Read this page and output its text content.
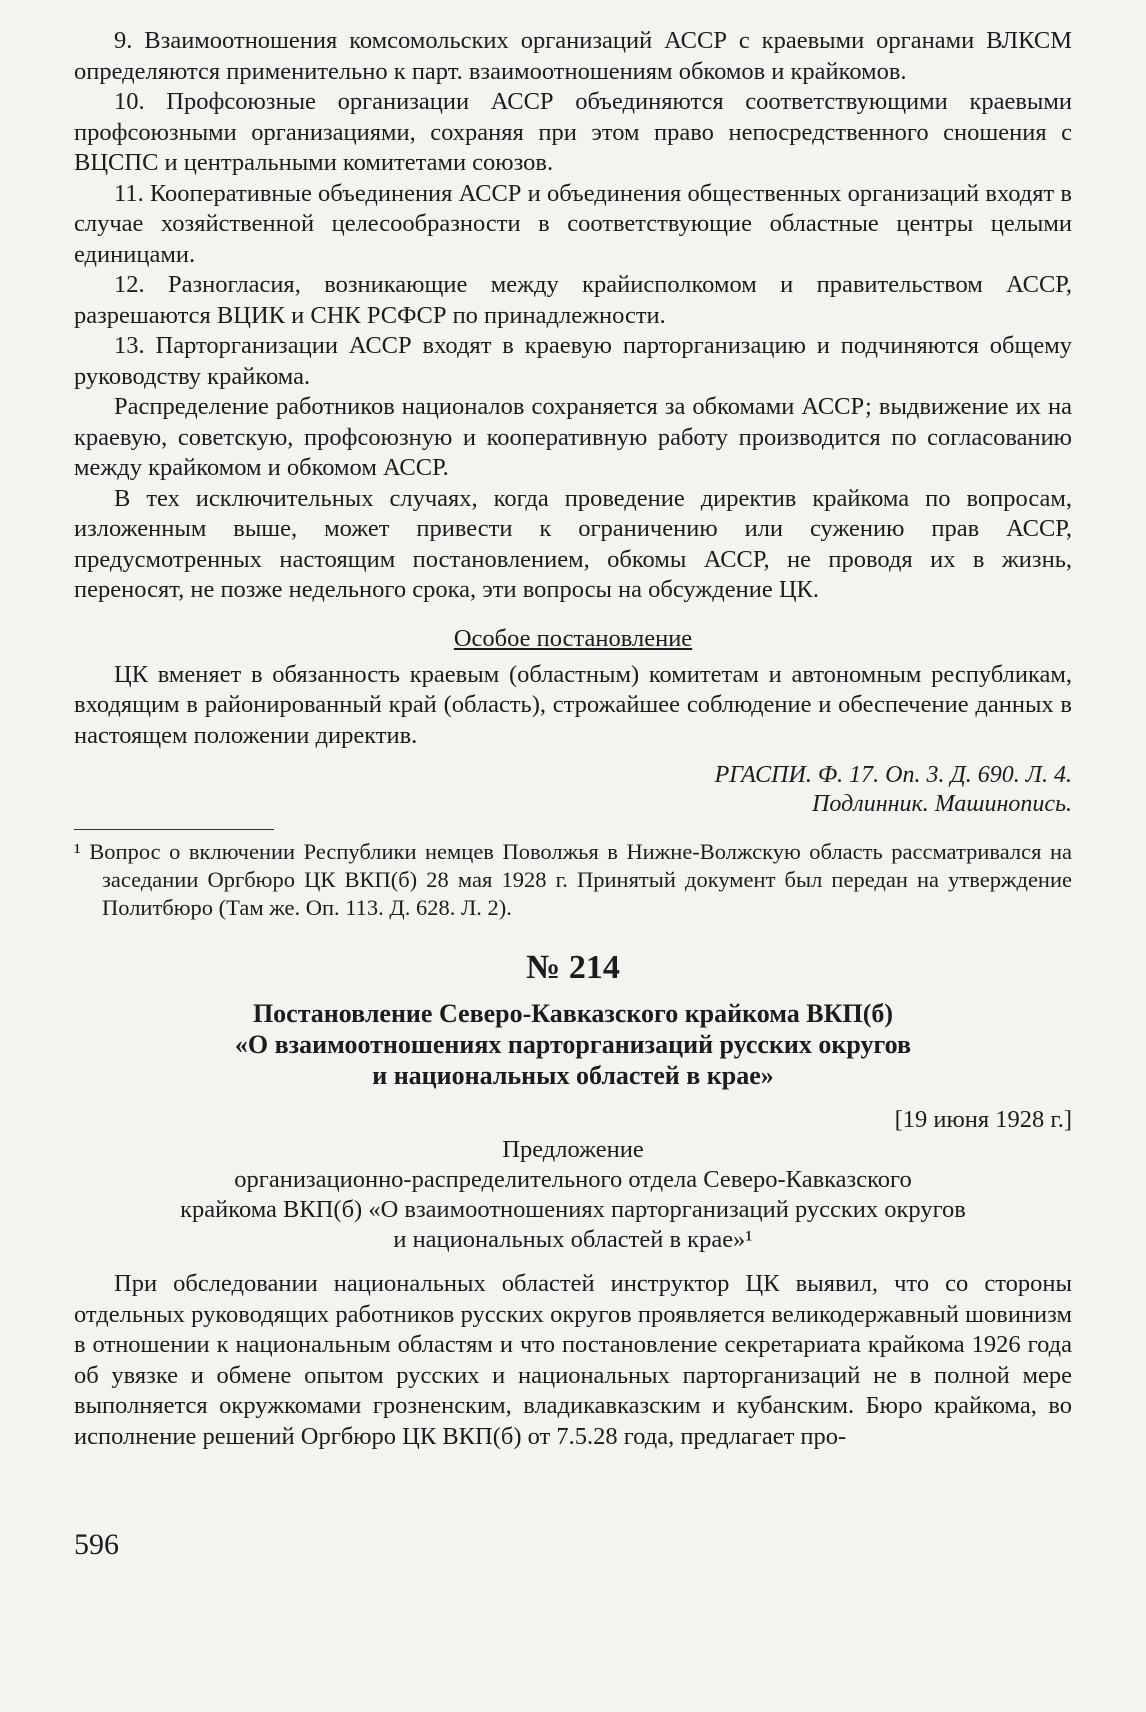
9. Взаимоотношения комсомольских организаций АССР с краевыми органами ВЛКСМ определяются применительно к парт. взаимоотношениям обкомов и крайкомов.

10. Профсоюзные организации АССР объединяются соответствующими краевыми профсоюзными организациями, сохраняя при этом право непосредственного сношения с ВЦСПС и центральными комитетами союзов.

11. Кооперативные объединения АССР и объединения общественных организаций входят в случае хозяйственной целесообразности в соответствующие областные центры целыми единицами.

12. Разногласия, возникающие между крайисполкомом и правительством АССР, разрешаются ВЦИК и СНК РСФСР по принадлежности.

13. Парторганизации АССР входят в краевую парторганизацию и подчиняются общему руководству крайкома.

Распределение работников националов сохраняется за обкомами АССР; выдвижение их на краевую, советскую, профсоюзную и кооперативную работу производится по согласованию между крайкомом и обкомом АССР.

В тех исключительных случаях, когда проведение директив крайкома по вопросам, изложенным выше, может привести к ограничению или сужению прав АССР, предусмотренных настоящим постановлением, обкомы АССР, не проводя их в жизнь, переносят, не позже недельного срока, эти вопросы на обсуждение ЦК.

Особое постановление

ЦК вменяет в обязанность краевым (областным) комитетам и автономным республикам, входящим в районированный край (область), строжайшее соблюдение и обеспечение данных в настоящем положении директив.

РГАСПИ. Ф. 17. Оп. 3. Д. 690. Л. 4.
Подлинник. Машинопись.

¹ Вопрос о включении Республики немцев Поволжья в Нижне-Волжскую область рассматривался на заседании Оргбюро ЦК ВКП(б) 28 мая 1928 г. Принятый документ был передан на утверждение Политбюро (Там же. Оп. 113. Д. 628. Л. 2).

№ 214
Постановление Северо-Кавказского крайкома ВКП(б)
«О взаимоотношениях парторганизаций русских округов
и национальных областей в крае»
[19 июня 1928 г.]
Предложение
организационно-распределительного отдела Северо-Кавказского
крайкома ВКП(б) «О взаимоотношениях парторганизаций русских округов
и национальных областей в крае»¹

При обследовании национальных областей инструктор ЦК выявил, что со стороны отдельных руководящих работников русских округов проявляется великодержавный шовинизм в отношении к национальным областям и что постановление секретариата крайкома 1926 года об увязке и обмене опытом русских и национальных парторганизаций не в полной мере выполняется окружкомами грозненским, владикавказским и кубанским. Бюро крайкома, во исполнение решений Оргбюро ЦК ВКП(б) от 7.5.28 года, предлагает про-

596
